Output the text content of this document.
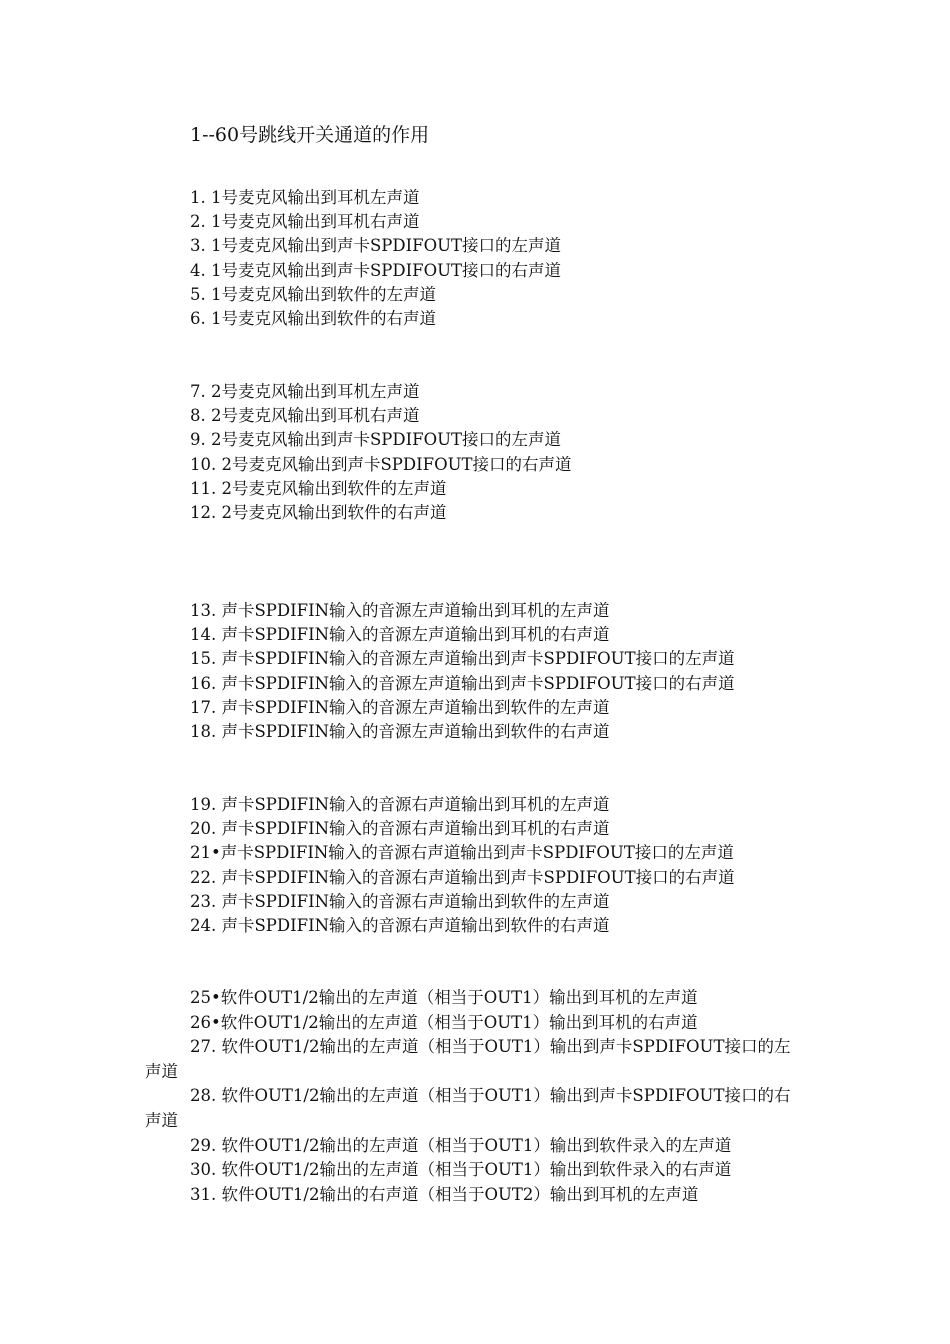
1--60号跳线开关通道的作用

1. 1号麦克风输出到耳机左声道

2. 1号麦克风输出到耳机右声道

3. 1号麦克风输出到声卡SPDIFOUT接口的左声道

4. 1号麦克风输出到声卡SPDIFOUT接口的右声道

5. 1号麦克风输出到软件的左声道

6. 1号麦克风输出到软件的右声道

7. 2号麦克风输出到耳机左声道

8. 2号麦克风输出到耳机右声道

9. 2号麦克风输出到声卡SPDIFOUT接口的左声道

10. 2号麦克风输出到声卡SPDIFOUT接口的右声道

11. 2号麦克风输出到软件的左声道

12. 2号麦克风输出到软件的右声道

13. 声卡SPDIFIN输入的音源左声道输出到耳机的左声道

14. 声卡SPDIFIN输入的音源左声道输出到耳机的右声道

15. 声卡SPDIFIN输入的音源左声道输出到声卡SPDIFOUT接口的左声道

16. 声卡SPDIFIN输入的音源左声道输出到声卡SPDIFOUT接口的右声道

17. 声卡SPDIFIN输入的音源左声道输出到软件的左声道

18. 声卡SPDIFIN输入的音源左声道输出到软件的右声道

19. 声卡SPDIFIN输入的音源右声道输出到耳机的左声道

20. 声卡SPDIFIN输入的音源右声道输出到耳机的右声道

21•声卡SPDIFIN输入的音源右声道输出到声卡SPDIFOUT接口的左声道

22. 声卡SPDIFIN输入的音源右声道输出到声卡SPDIFOUT接口的右声道

23. 声卡SPDIFIN输入的音源右声道输出到软件的左声道

24. 声卡SPDIFIN输入的音源右声道输出到软件的右声道

25•软件OUT1/2输出的左声道（相当于OUT1）输出到耳机的左声道

26•软件OUT1/2输出的左声道（相当于OUT1）输出到耳机的右声道

27. 软件OUT1/2输出的左声道（相当于OUT1）输出到声卡SPDIFOUT接口的左声道

28. 软件OUT1/2输出的左声道（相当于OUT1）输出到声卡SPDIFOUT接口的右声道

29. 软件OUT1/2输出的左声道（相当于OUT1）输出到软件录入的左声道

30. 软件OUT1/2输出的左声道（相当于OUT1）输出到软件录入的右声道

31. 软件OUT1/2输出的右声道（相当于OUT2）输出到耳机的左声道
